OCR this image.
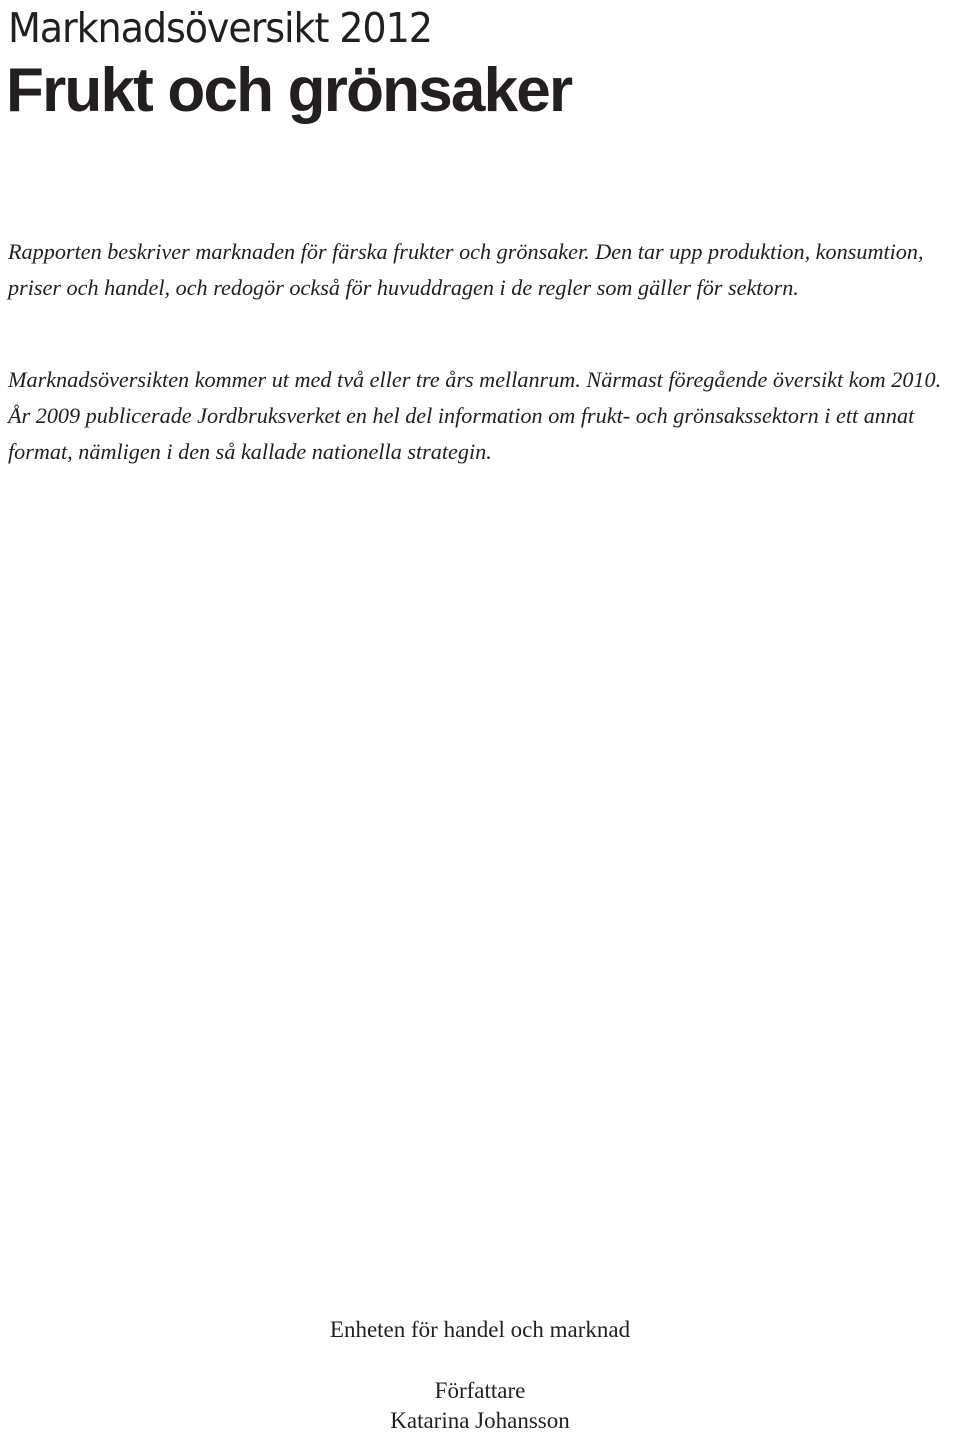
Marknadsöversikt 2012
Frukt och grönsaker

Rapporten beskriver marknaden för färska frukter och grönsaker. Den tar upp produktion, konsumtion, priser och handel, och redogör också för huvuddragen i de regler som gäller för sektorn.

Marknadsöversikten kommer ut med två eller tre års mellanrum. Närmast föregående översikt kom 2010. År 2009 publicerade Jordbruksverket en hel del information om frukt- och grönsakssektorn i ett annat format, nämligen i den så kallade nationella strategin.

Enheten för handel och marknad

Författare

Katarina Johansson
